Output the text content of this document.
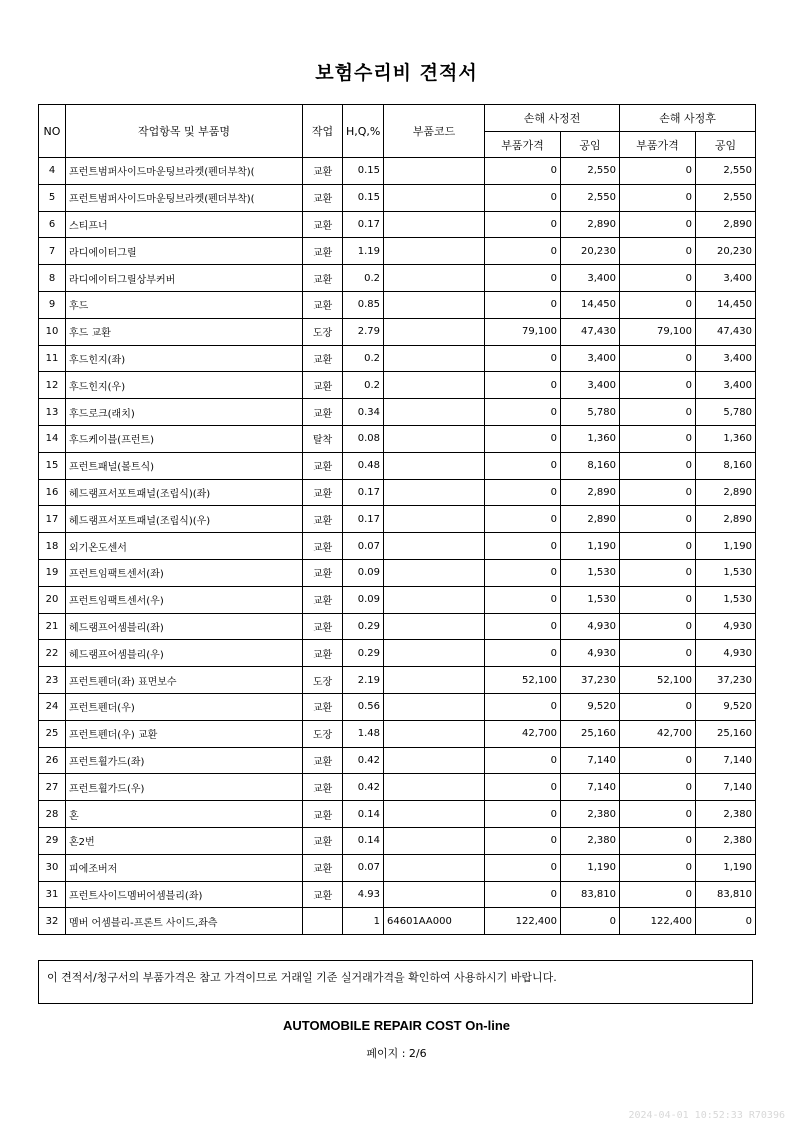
보험수리비 견적서
NO	작업항목 및 부품명	작업	H,Q,%	부품코드	손해 사정전		손해 사정후	
					부품가격	공임	부품가격	공임
4	프런트범퍼사이드마운팅브라켓(펜더부착)(	교환	0.15		0	2,550	0	2,550
5	프런트범퍼사이드마운팅브라켓(펜더부착)(	교환	0.15		0	2,550	0	2,550
6	스티프너	교환	0.17		0	2,890	0	2,890
7	라디에이터그릴	교환	1.19		0	20,230	0	20,230
8	라디에이터그릴상부커버	교환	0.2		0	3,400	0	3,400
9	후드	교환	0.85		0	14,450	0	14,450
10	후드 교환	도장	2.79		79,100	47,430	79,100	47,430
11	후드힌지(좌)	교환	0.2		0	3,400	0	3,400
12	후드힌지(우)	교환	0.2		0	3,400	0	3,400
13	후드로크(래치)	교환	0.34		0	5,780	0	5,780
14	후드케이블(프런트)	탈착	0.08		0	1,360	0	1,360
15	프런트패널(볼트식)	교환	0.48		0	8,160	0	8,160
16	헤드램프서포트패널(조립식)(좌)	교환	0.17		0	2,890	0	2,890
17	헤드램프서포트패널(조립식)(우)	교환	0.17		0	2,890	0	2,890
18	외기온도센서	교환	0.07		0	1,190	0	1,190
19	프런트임팩트센서(좌)	교환	0.09		0	1,530	0	1,530
20	프런트임팩트센서(우)	교환	0.09		0	1,530	0	1,530
21	헤드램프어셈블리(좌)	교환	0.29		0	4,930	0	4,930
22	헤드램프어셈블리(우)	교환	0.29		0	4,930	0	4,930
23	프런트펜더(좌) 표면보수	도장	2.19		52,100	37,230	52,100	37,230
24	프런트펜더(우)	교환	0.56		0	9,520	0	9,520
25	프런트펜더(우) 교환	도장	1.48		42,700	25,160	42,700	25,160
26	프런트휠가드(좌)	교환	0.42		0	7,140	0	7,140
27	프런트휠가드(우)	교환	0.42		0	7,140	0	7,140
28	혼	교환	0.14		0	2,380	0	2,380
29	혼2번	교환	0.14		0	2,380	0	2,380
30	피에조버저	교환	0.07		0	1,190	0	1,190
31	프런트사이드멤버어셈블리(좌)	교환	4.93		0	83,810	0	83,810
32	멤버 어셈블리-프론트 사이드,좌측		1	64601AA000	122,400	0	122,400	0
이 견적서/청구서의 부품가격은 참고 가격이므로 거래일 기준 실거래가격을 확인하여 사용하시기 바랍니다.
AUTOMOBILE REPAIR COST On-line
페이지 : 2/6
2024-04-01 10:52:33 R70396
